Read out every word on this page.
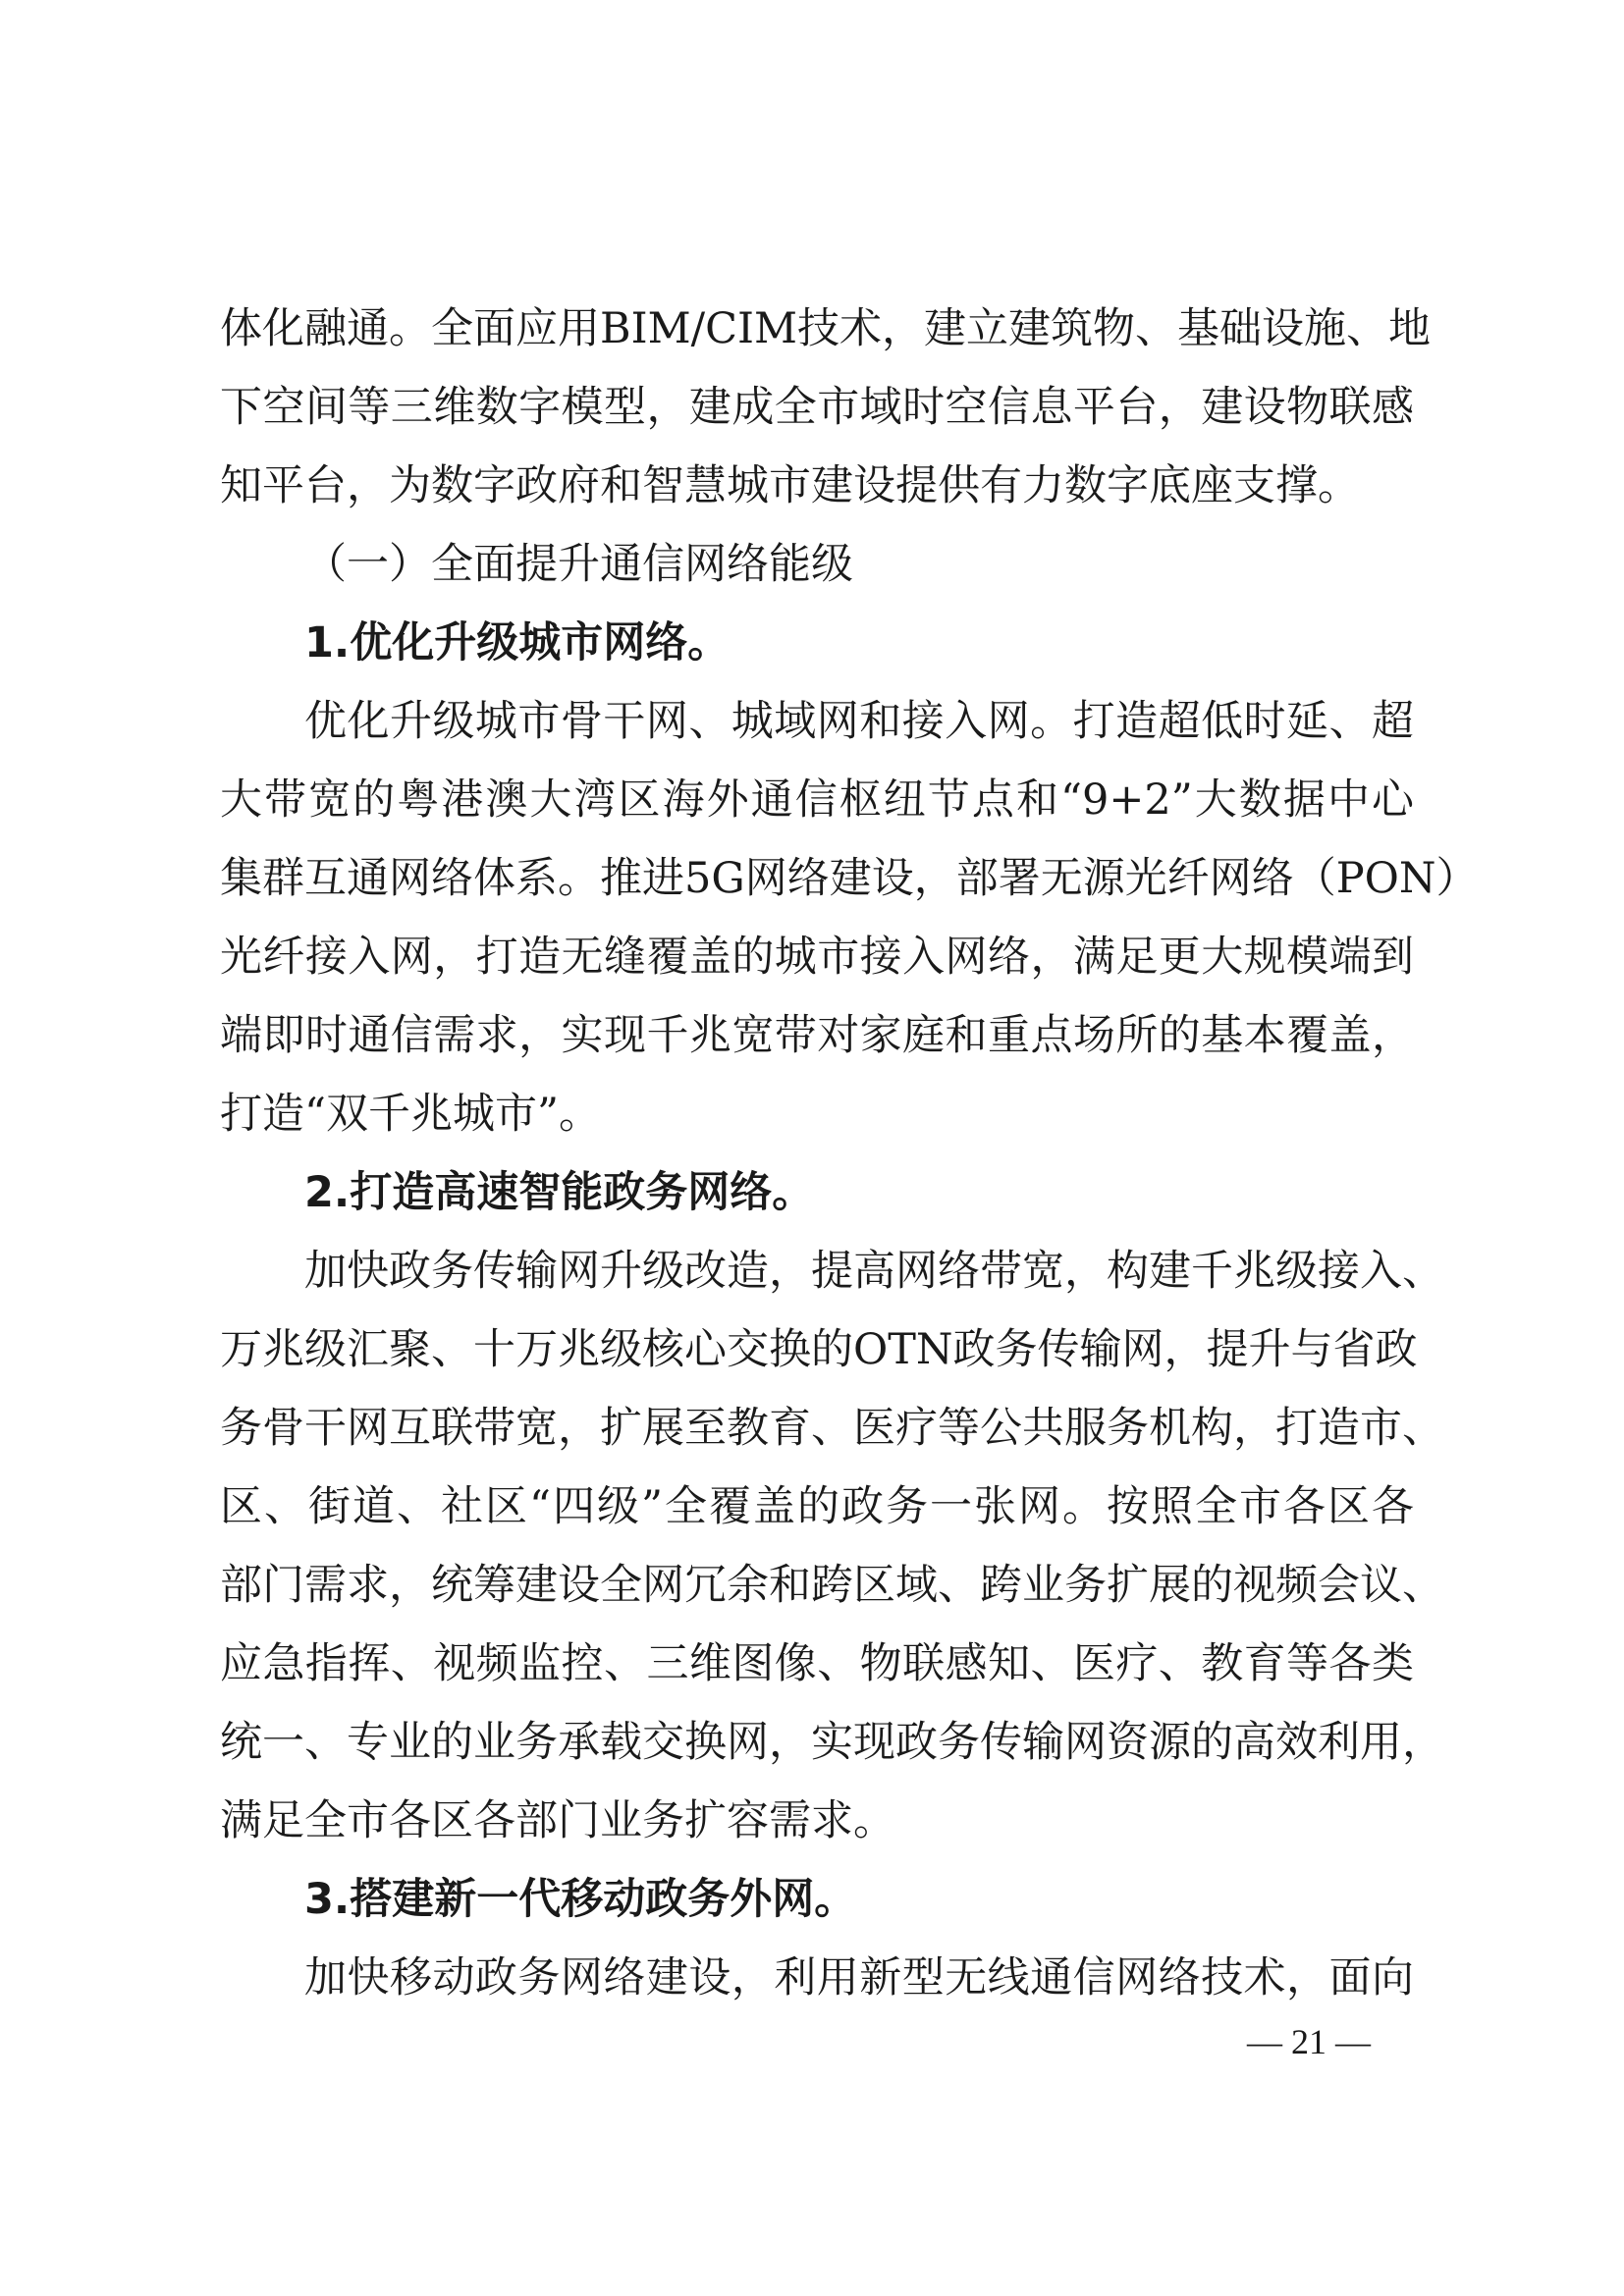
体化融通。全面应用BIM/CIM技术，建立建筑物、基础设施、地
下空间等三维数字模型，建成全市域时空信息平台，建设物联感
知平台，为数字政府和智慧城市建设提供有力数字底座支撑。
（一）全面提升通信网络能级
1.优化升级城市网络。
优化升级城市骨干网、城域网和接入网。打造超低时延、超
大带宽的粤港澳大湾区海外通信枢纽节点和“9+2”大数据中心
集群互通网络体系。推进5G网络建设，部署无源光纤网络（PON）
光纤接入网，打造无缝覆盖的城市接入网络，满足更大规模端到
端即时通信需求，实现千兆宽带对家庭和重点场所的基本覆盖，
打造“双千兆城市”。
2.打造高速智能政务网络。
加快政务传输网升级改造，提高网络带宽，构建千兆级接入、
万兆级汇聚、十万兆级核心交换的OTN政务传输网，提升与省政
务骨干网互联带宽，扩展至教育、医疗等公共服务机构，打造市、
区、街道、社区“四级”全覆盖的政务一张网。按照全市各区各
部门需求，统筹建设全网冗余和跨区域、跨业务扩展的视频会议、
应急指挥、视频监控、三维图像、物联感知、医疗、教育等各类
统一、专业的业务承载交换网，实现政务传输网资源的高效利用，
满足全市各区各部门业务扩容需求。
3.搭建新一代移动政务外网。
加快移动政务网络建设，利用新型无线通信网络技术，面向
— 21 —
